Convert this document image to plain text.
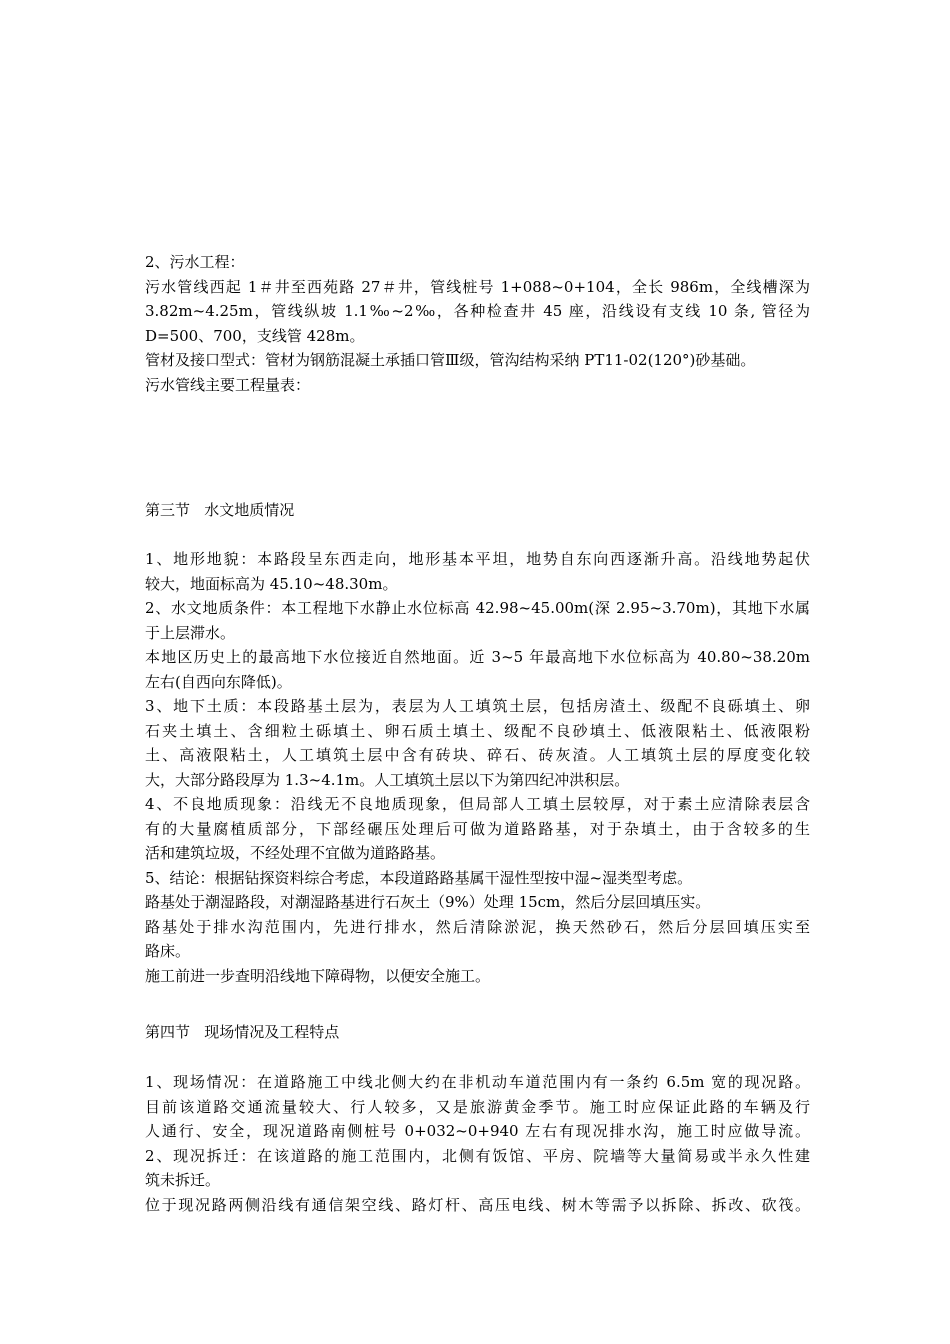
2、污水工程：
污水管线西起 1＃井至西苑路 27＃井，管线桩号 1+088~0+104，全长 986m，全线槽深为
3.82m~4.25m，管线纵坡 1.1‰~2‰，各种检查井 45 座，沿线设有支线 10 条, 管径为
D=500、700，支线管 428m。
管材及接口型式：管材为钢筋混凝土承插口管Ⅲ级，管沟结构采纳 PT11-02(120°)砂基础。
污水管线主要工程量表：
第三节   水文地质情况
1、地形地貌：本路段呈东西走向，地形基本平坦，地势自东向西逐渐升高。沿线地势起伏
较大，地面标高为 45.10~48.30m。
2、水文地质条件：本工程地下水静止水位标高 42.98~45.00m(深 2.95~3.70m)，其地下水属
于上层滞水。
本地区历史上的最高地下水位接近自然地面。近 3~5 年最高地下水位标高为 40.80~38.20m
左右(自西向东降低)。
3、地下土质：本段路基土层为，表层为人工填筑土层，包括房渣土、级配不良砾填土、卵
石夹土填土、含细粒土砾填土、卵石质土填土、级配不良砂填土、低液限粘土、低液限粉
土、高液限粘土，人工填筑土层中含有砖块、碎石、砖灰渣。人工填筑土层的厚度变化较
大，大部分路段厚为 1.3~4.1m。人工填筑土层以下为第四纪冲洪积层。
4、不良地质现象：沿线无不良地质现象，但局部人工填土层较厚，对于素土应清除表层含
有的大量腐植质部分，下部经碾压处理后可做为道路路基，对于杂填土，由于含较多的生
活和建筑垃圾，不经处理不宜做为道路路基。
5、结论：根据钻探资料综合考虑，本段道路路基属干湿性型按中湿~湿类型考虑。
路基处于潮湿路段，对潮湿路基进行石灰土（9%）处理 15cm，然后分层回填压实。
路基处于排水沟范围内，先进行排水，然后清除淤泥，换天然砂石，然后分层回填压实至
路床。
施工前进一步查明沿线地下障碍物，以便安全施工。
第四节   现场情况及工程特点
1、现场情况：在道路施工中线北侧大约在非机动车道范围内有一条约 6.5m 宽的现况路。
目前该道路交通流量较大、行人较多，又是旅游黄金季节。施工时应保证此路的车辆及行
人通行、安全，现况道路南侧桩号 0+032~0+940 左右有现况排水沟，施工时应做导流。
2、现况拆迁：在该道路的施工范围内，北侧有饭馆、平房、院墙等大量简易或半永久性建
筑未拆迁。
位于现况路两侧沿线有通信架空线、路灯杆、高压电线、树木等需予以拆除、拆改、砍筏。
